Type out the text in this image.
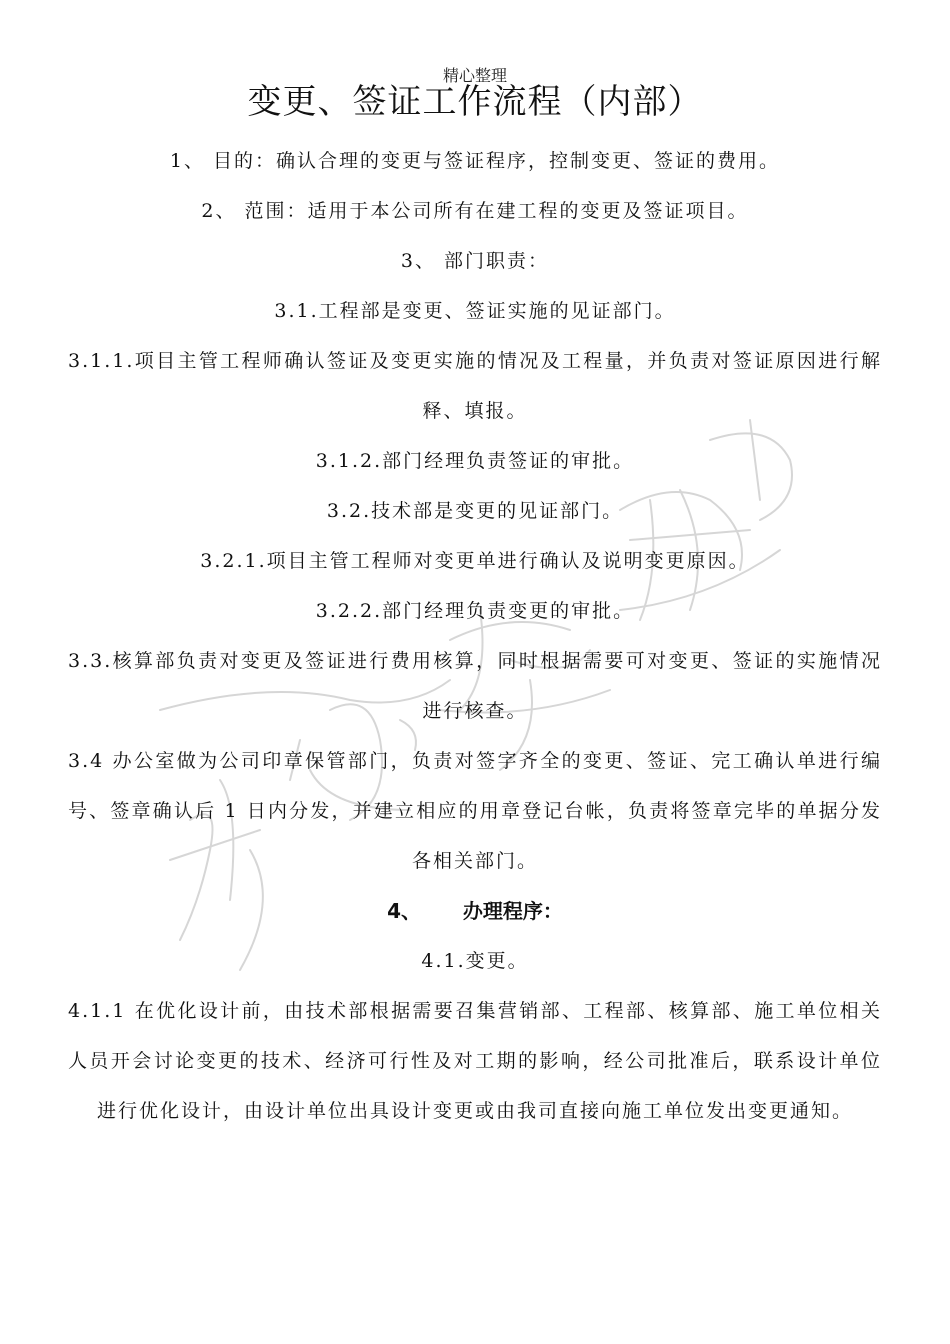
精心整理
变更、签证工作流程（内部）

1、 目的：确认合理的变更与签证程序，控制变更、签证的费用。

2、 范围：适用于本公司所有在建工程的变更及签证项目。

3、 部门职责：

3.1.工程部是变更、签证实施的见证部门。

3.1.1.项目主管工程师确认签证及变更实施的情况及工程量，并负责对签证原因进行解释、填报。

3.1.2.部门经理负责签证的审批。

3.2.技术部是变更的见证部门。

3.2.1.项目主管工程师对变更单进行确认及说明变更原因。

3.2.2.部门经理负责变更的审批。

3.3.核算部负责对变更及签证进行费用核算，同时根据需要可对变更、签证的实施情况进行核查。

3.4 办公室做为公司印章保管部门，负责对签字齐全的变更、签证、完工确认单进行编号、签章确认后 1 日内分发，并建立相应的用章登记台帐，负责将签章完毕的单据分发各相关部门。

4、      办理程序：

4.1.变更。

4.1.1 在优化设计前，由技术部根据需要召集营销部、工程部、核算部、施工单位相关人员开会讨论变更的技术、经济可行性及对工期的影响，经公司批准后，联系设计单位进行优化设计，由设计单位出具设计变更或由我司直接向施工单位发出变更通知。
